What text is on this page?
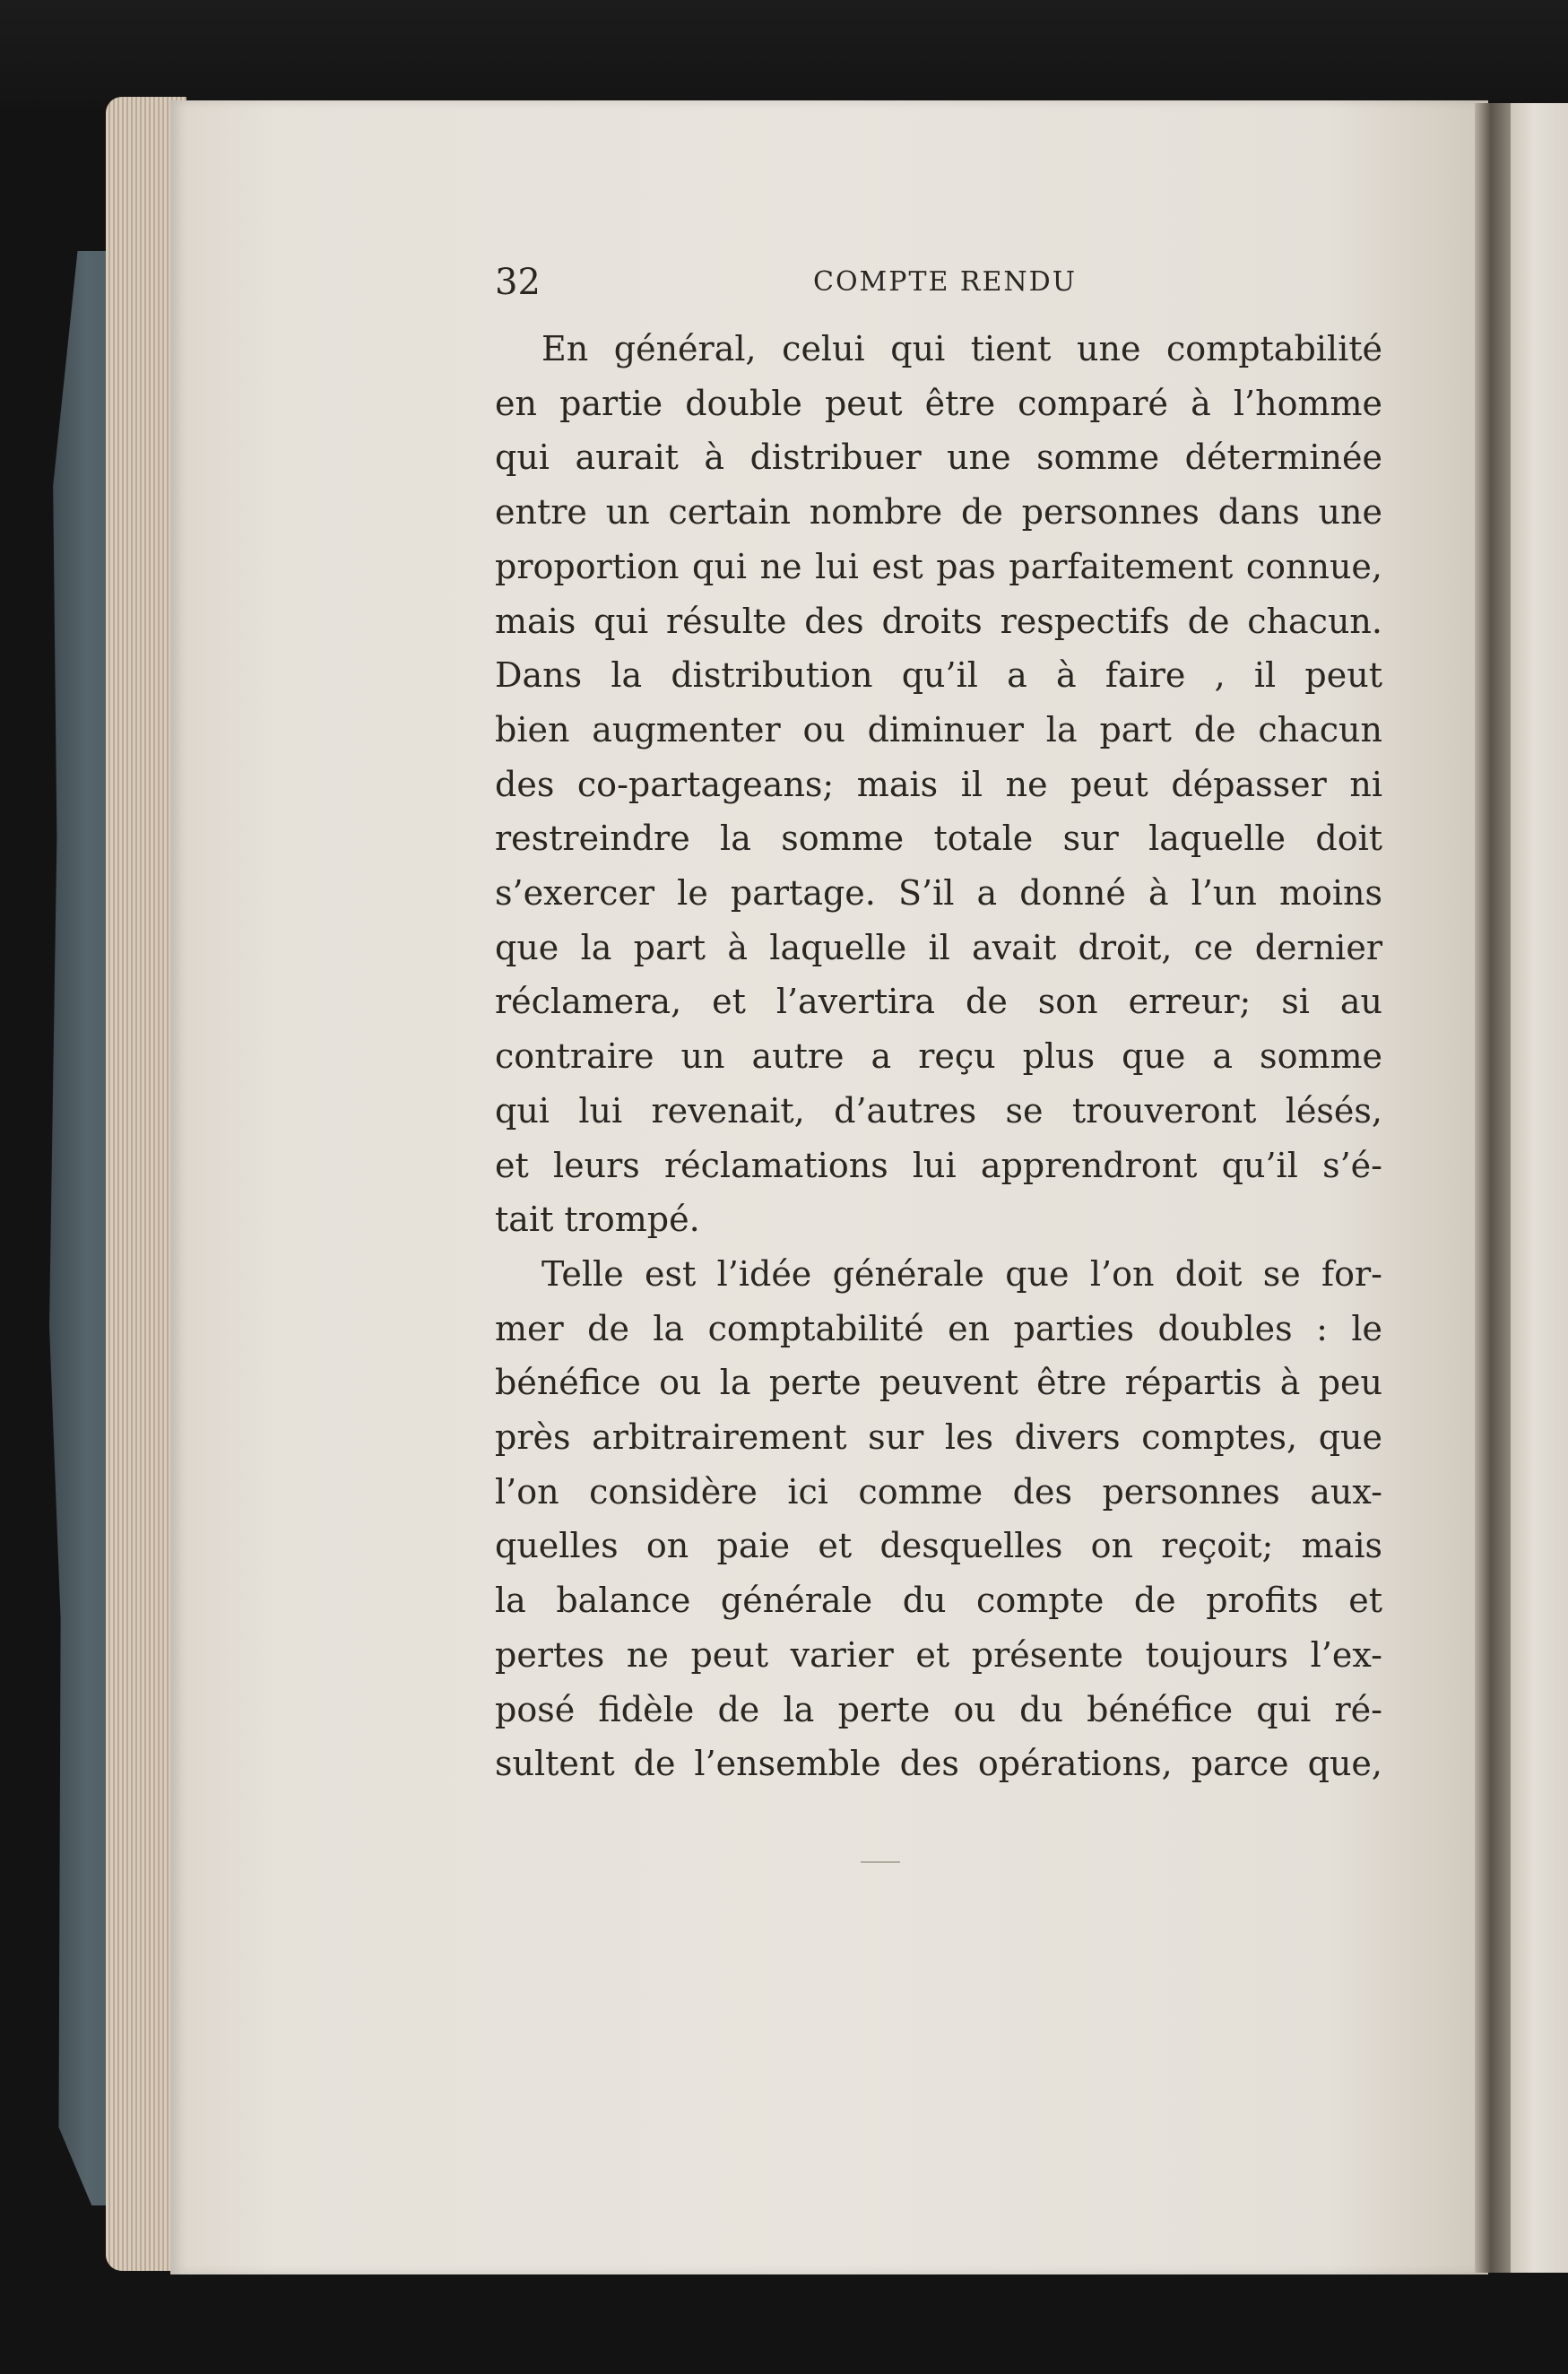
32	COMPTE RENDU
En général, celui qui tient une comptabilité
en partie double peut être comparé à l’homme
qui aurait à distribuer une somme déterminée
entre un certain nombre de personnes dans une
proportion qui ne lui est pas parfaitement connue,
mais qui résulte des droits respectifs de chacun.
Dans la distribution qu’il a à faire , il peut
bien augmenter ou diminuer la part de chacun
des co-partageans; mais il ne peut dépasser ni
restreindre la somme totale sur laquelle doit
s’exercer le partage. S’il a donné à l’un moins
que la part à laquelle il avait droit, ce dernier
réclamera, et l’avertira de son erreur; si au
contraire un autre a reçu plus que a somme
qui lui revenait, d’autres se trouveront lésés,
et leurs réclamations lui apprendront qu’il s’é-
tait trompé.
Telle est l’idée générale que l’on doit se for-
mer de la comptabilité en parties doubles : le
bénéfice ou la perte peuvent être répartis à peu
près arbitrairement sur les divers comptes, que
l’on considère ici comme des personnes aux-
quelles on paie et desquelles on reçoit; mais
la balance générale du compte de profits et
pertes ne peut varier et présente toujours l’ex-
posé fidèle de la perte ou du bénéfice qui ré-
sultent de l’ensemble des opérations, parce que,
